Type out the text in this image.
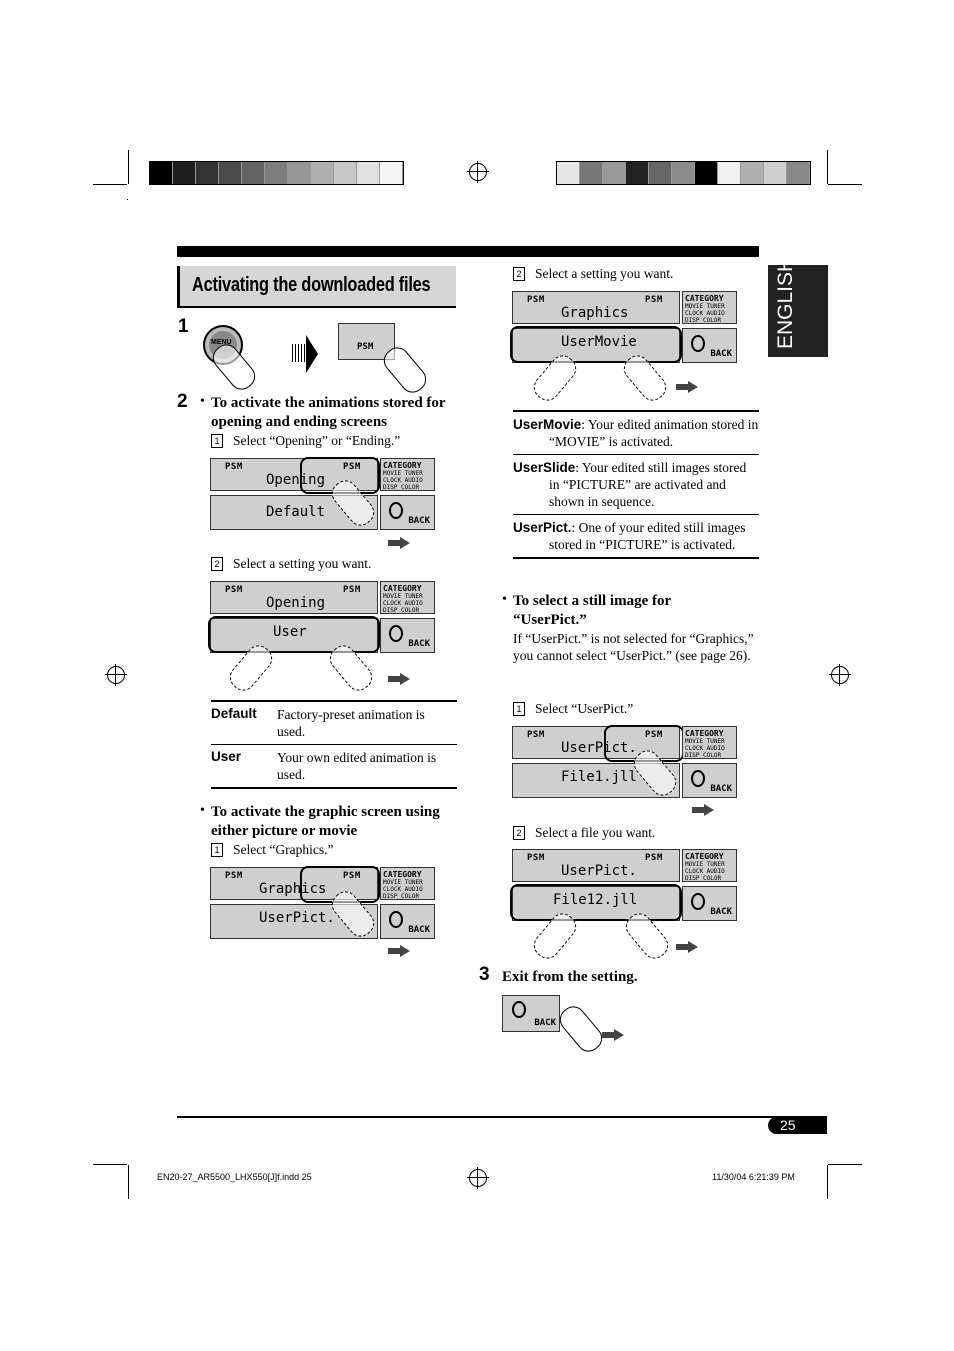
Activating the downloaded files	ENGLISH
1
MENU	PSM
2 • To activate the animations stored for opening and ending screens
1 Select “Opening” or “Ending.”
PSM	PSM
Opening
Default
CATEGORY
MOVIE TUNER
CLOCK AUDIO
DISP COLOR
BACK
2 Select a setting you want.
PSM	PSM
Opening
User
CATEGORY
MOVIE TUNER
CLOCK AUDIO
DISP COLOR
BACK
Default	Factory-preset animation is used.
User	Your own edited animation is used.
• To activate the graphic screen using either picture or movie
1 Select “Graphics.”
PSM	PSM
Graphics
UserPict.
CATEGORY
MOVIE TUNER
CLOCK AUDIO
DISP COLOR
BACK
2 Select a setting you want.
PSM	PSM
Graphics
UserMovie
CATEGORY
MOVIE TUNER
CLOCK AUDIO
DISP COLOR
BACK
UserMovie: Your edited animation stored in “MOVIE” is activated.
UserSlide: Your edited still images stored in “PICTURE” are activated and shown in sequence.
UserPict.: One of your edited still images stored in “PICTURE” is activated.
• To select a still image for “UserPict.”
If “UserPict.” is not selected for “Graphics,” you cannot select “UserPict.” (see page 26).
1 Select “UserPict.”
PSM	PSM
UserPict.
File1.jll
CATEGORY
MOVIE TUNER
CLOCK AUDIO
DISP COLOR
BACK
2 Select a file you want.
PSM	PSM
UserPict.
File12.jll
CATEGORY
MOVIE TUNER
CLOCK AUDIO
DISP COLOR
BACK
3 Exit from the setting.
BACK
25
EN20-27_AR5500_LHX550[J]f.indd 25	11/30/04 6:21:39 PM
